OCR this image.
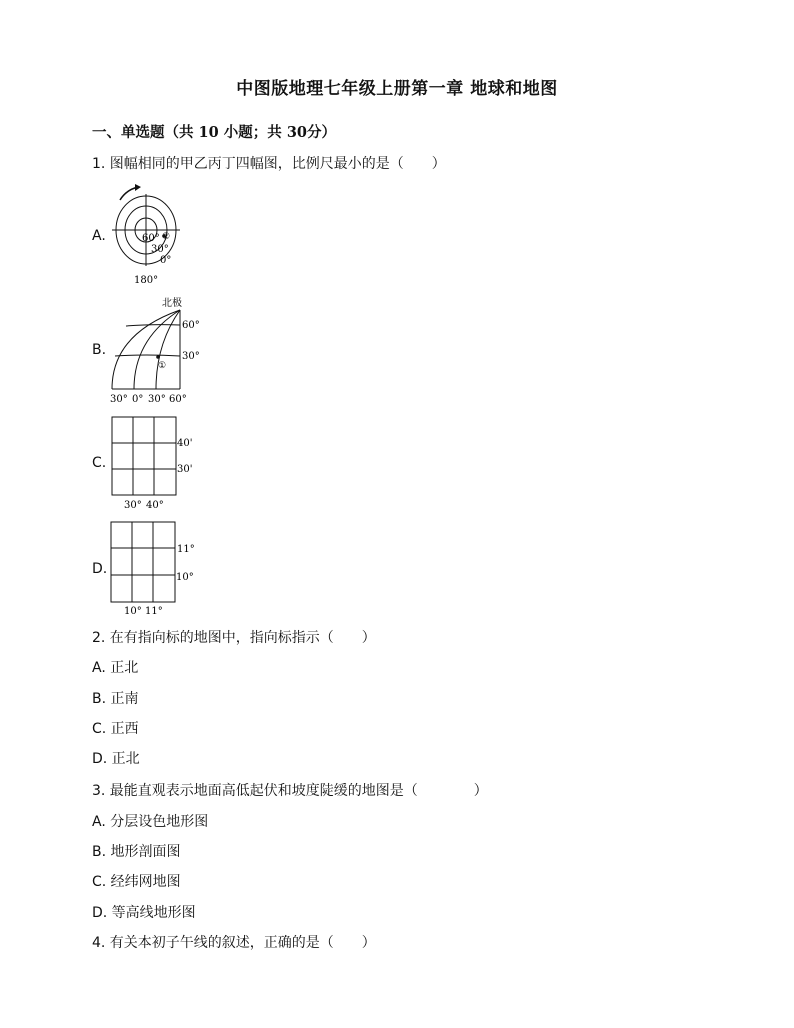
中图版地理七年级上册第一章 地球和地图
一、单选题（共 10 小题；共 30分）
1. 图幅相同的甲乙丙丁四幅图，比例尺最小的是（　　）
A.	60° ②
30°
0°
180°
B.
北极
①
60°
30°
30° 0° 30° 60°
C.
40'
30'
30° 40°
D.
11°
10°
10° 11°
2. 在有指向标的地图中，指向标指示（　　）
A. 正北
B. 正南
C. 正西
D. 正北
3. 最能直观表示地面高低起伏和坡度陡缓的地图是（　　　　）
A. 分层设色地形图
B. 地形剖面图
C. 经纬网地图
D. 等高线地形图
4. 有关本初子午线的叙述，正确的是（　　）
